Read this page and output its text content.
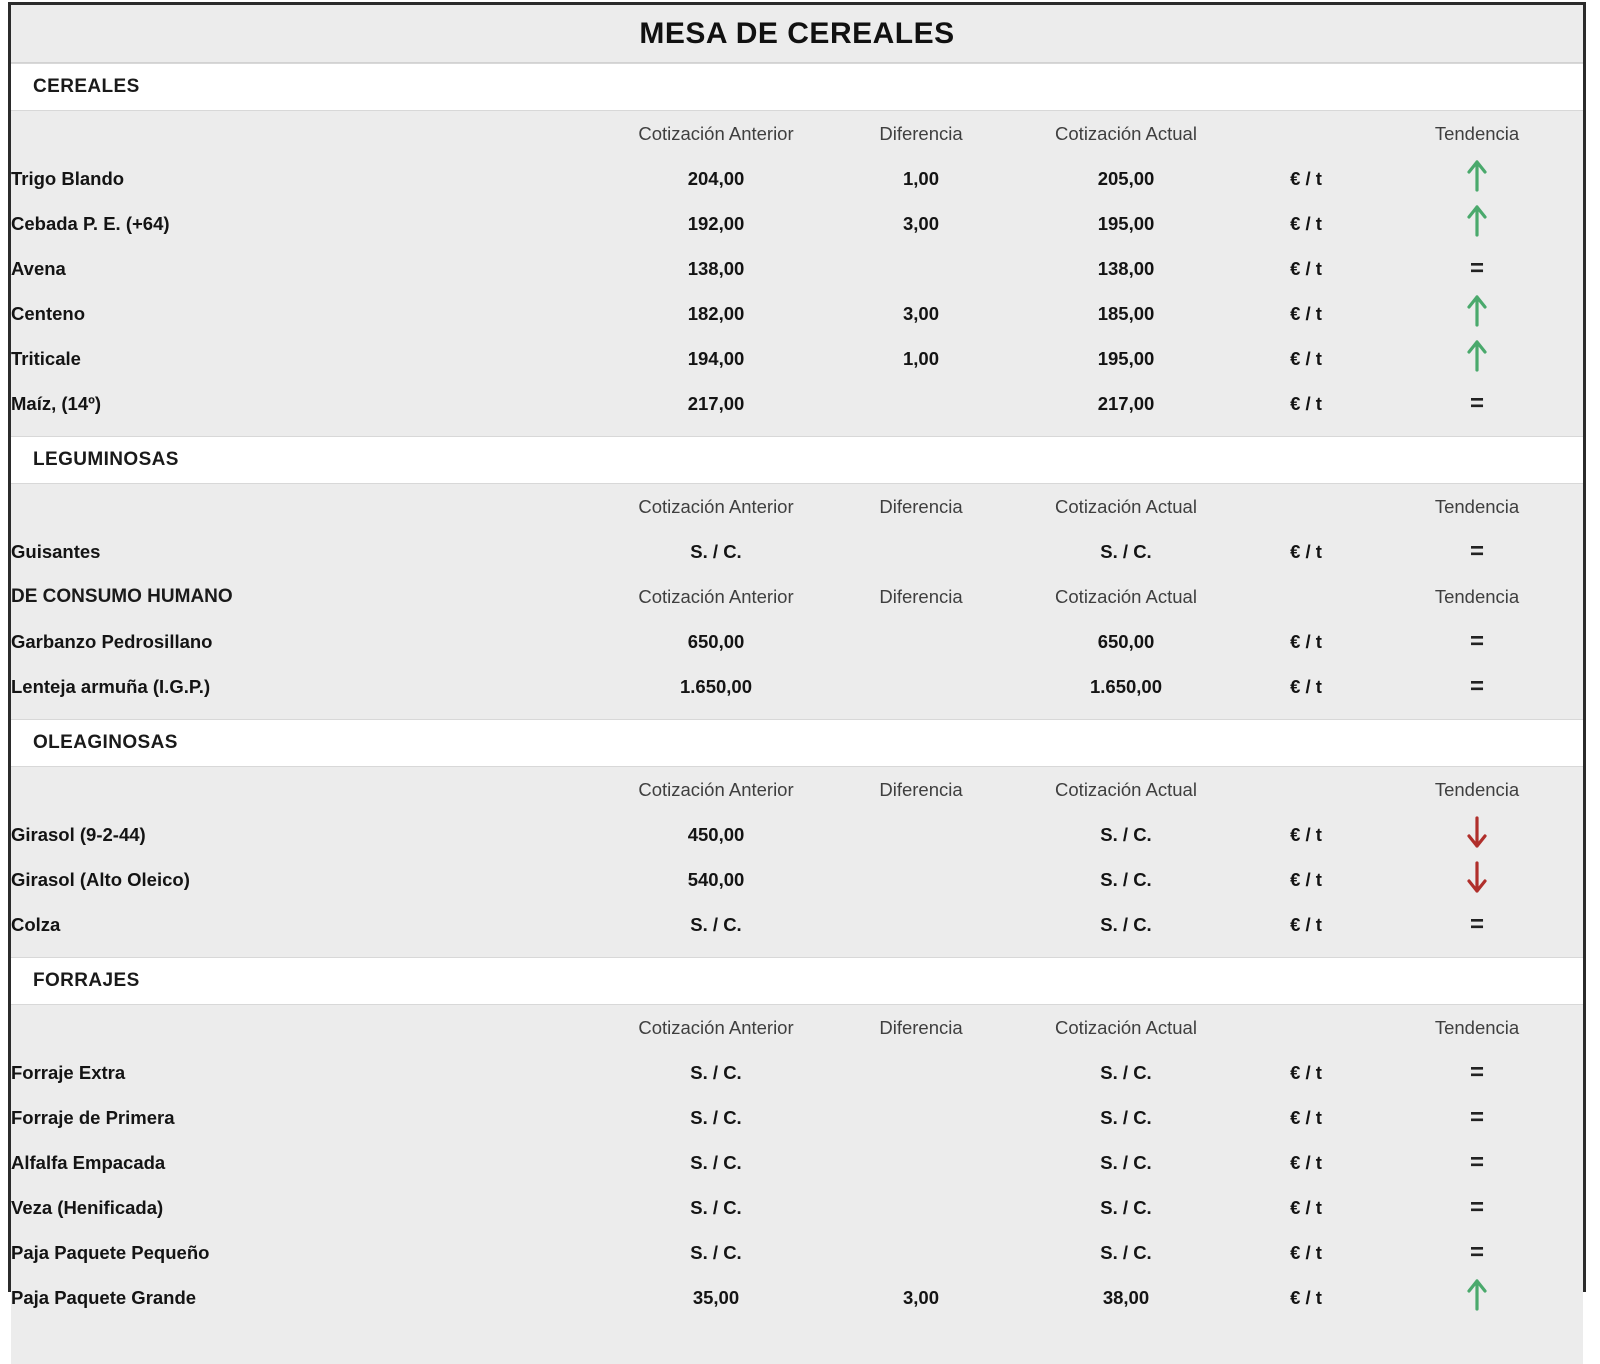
MESA DE CEREALES
CEREALES
	Cotización Anterior	Diferencia	Cotización Actual		Tendencia
Trigo Blando	204,00	1,00	205,00	€ / t	

Cebada P. E. (+64)	192,00	3,00	195,00	€ / t	

Avena	138,00		138,00	€ / t	=
Centeno	182,00	3,00	185,00	€ / t	

Triticale	194,00	1,00	195,00	€ / t	

Maíz, (14º)	217,00		217,00	€ / t	=

LEGUMINOSAS
	Cotización Anterior	Diferencia	Cotización Actual		Tendencia
Guisantes	S. / C.		S. / C.	€ / t	=
DE CONSUMO HUMANO	Cotización Anterior	Diferencia	Cotización Actual		Tendencia
Garbanzo Pedrosillano	650,00		650,00	€ / t	=
Lenteja armuña (I.G.P.)	1.650,00		1.650,00	€ / t	=

OLEAGINOSAS
	Cotización Anterior	Diferencia	Cotización Actual		Tendencia
Girasol (9-2-44)	450,00		S. / C.	€ / t	

Girasol (Alto Oleico)	540,00		S. / C.	€ / t	

Colza	S. / C.		S. / C.	€ / t	=

FORRAJES
	Cotización Anterior	Diferencia	Cotización Actual		Tendencia
Forraje Extra	S. / C.		S. / C.	€ / t	=
Forraje de Primera	S. / C.		S. / C.	€ / t	=
Alfalfa Empacada	S. / C.		S. / C.	€ / t	=
Veza (Henificada)	S. / C.		S. / C.	€ / t	=
Paja Paquete Pequeño	S. / C.		S. / C.	€ / t	=
Paja Paquete Grande	35,00	3,00	38,00	€ / t	
